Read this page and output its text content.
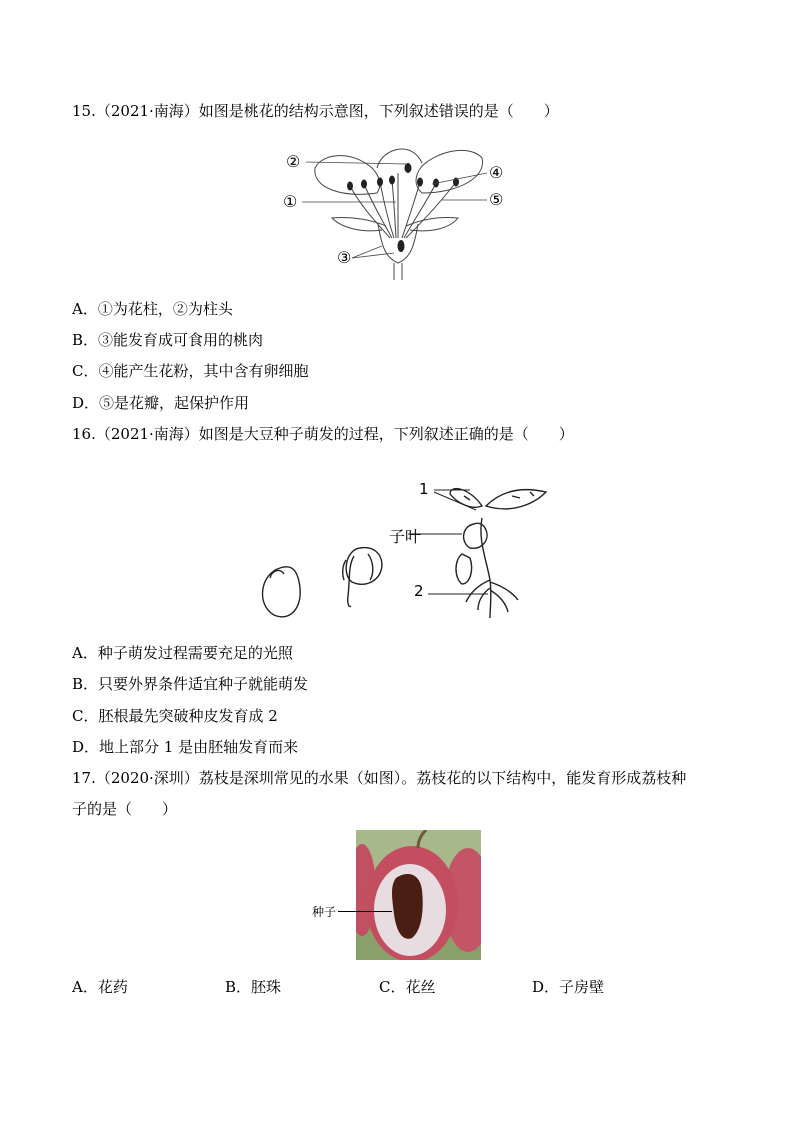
15.（2021·南海）如图是桃花的结构示意图，下列叙述错误的是（　　）
②
①
③
④
⑤
A．①为花柱，②为柱头
B．③能发育成可食用的桃肉
C．④能产生花粉，其中含有卵细胞
D．⑤是花瓣，起保护作用
16.（2021·南海）如图是大豆种子萌发的过程，下列叙述正确的是（　　）
1
子叶
2
A．种子萌发过程需要充足的光照
B．只要外界条件适宜种子就能萌发
C．胚根最先突破种皮发育成 2
D．地上部分 1 是由胚轴发育而来
17.（2020·深圳）荔枝是深圳常见的水果（如图）。荔枝花的以下结构中，能发育形成荔枝种
子的是（　　）
种子
A．花药	B．胚珠	C．花丝	D．子房壁
